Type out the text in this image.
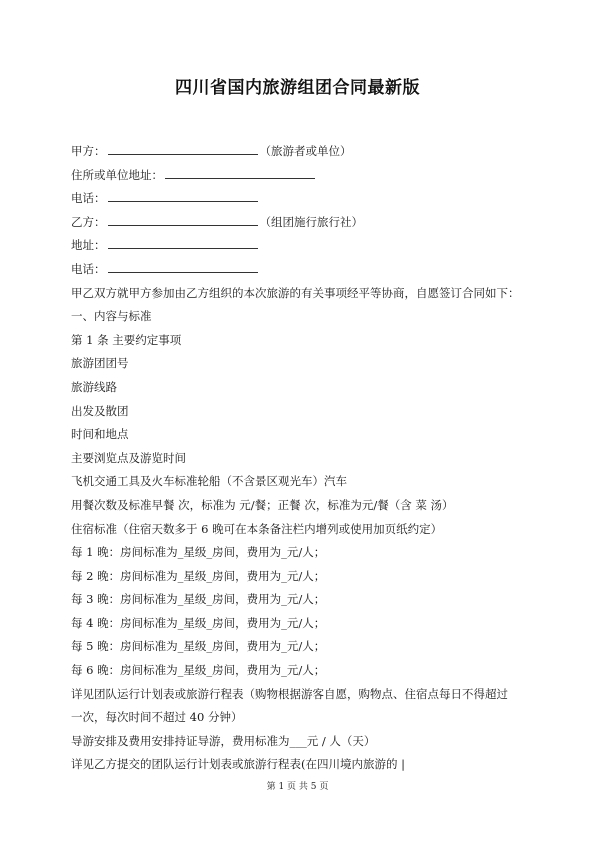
四川省国内旅游组团合同最新版
甲方：	（旅游者或单位）
住所或单位地址：
电话：
乙方：	（组团施行旅行社）
地址：
电话：
甲乙双方就甲方参加由乙方组织的本次旅游的有关事项经平等协商，自愿签订合同如下：
一、内容与标准
第 1 条 主要约定事项
旅游团团号
旅游线路
出发及散团
时间和地点
主要浏览点及游览时间
飞机交通工具及火车标准轮船（不含景区观光车）汽车
用餐次数及标准早餐 次，标准为 元/餐；正餐 次，标准为元/餐（含 菜 汤）
住宿标准（住宿天数多于 6 晚可在本条备注栏内增列或使用加页纸约定）
每 1 晚：房间标准为_星级_房间，费用为_元/人；
每 2 晚：房间标准为_星级_房间，费用为_元/人；
每 3 晚：房间标准为_星级_房间，费用为_元/人；
每 4 晚：房间标准为_星级_房间，费用为_元/人；
每 5 晚：房间标准为_星级_房间，费用为_元/人；
每 6 晚：房间标准为_星级_房间，费用为_元/人；
详见团队运行计划表或旅游行程表（购物根据游客自愿，购物点、住宿点每日不得超过
一次，每次时间不超过 40 分钟）
导游安排及费用安排持证导游，费用标准为___元 / 人（天）
详见乙方提交的团队运行计划表或旅游行程表(在四川境内旅游的 |
第 1 页 共 5 页
